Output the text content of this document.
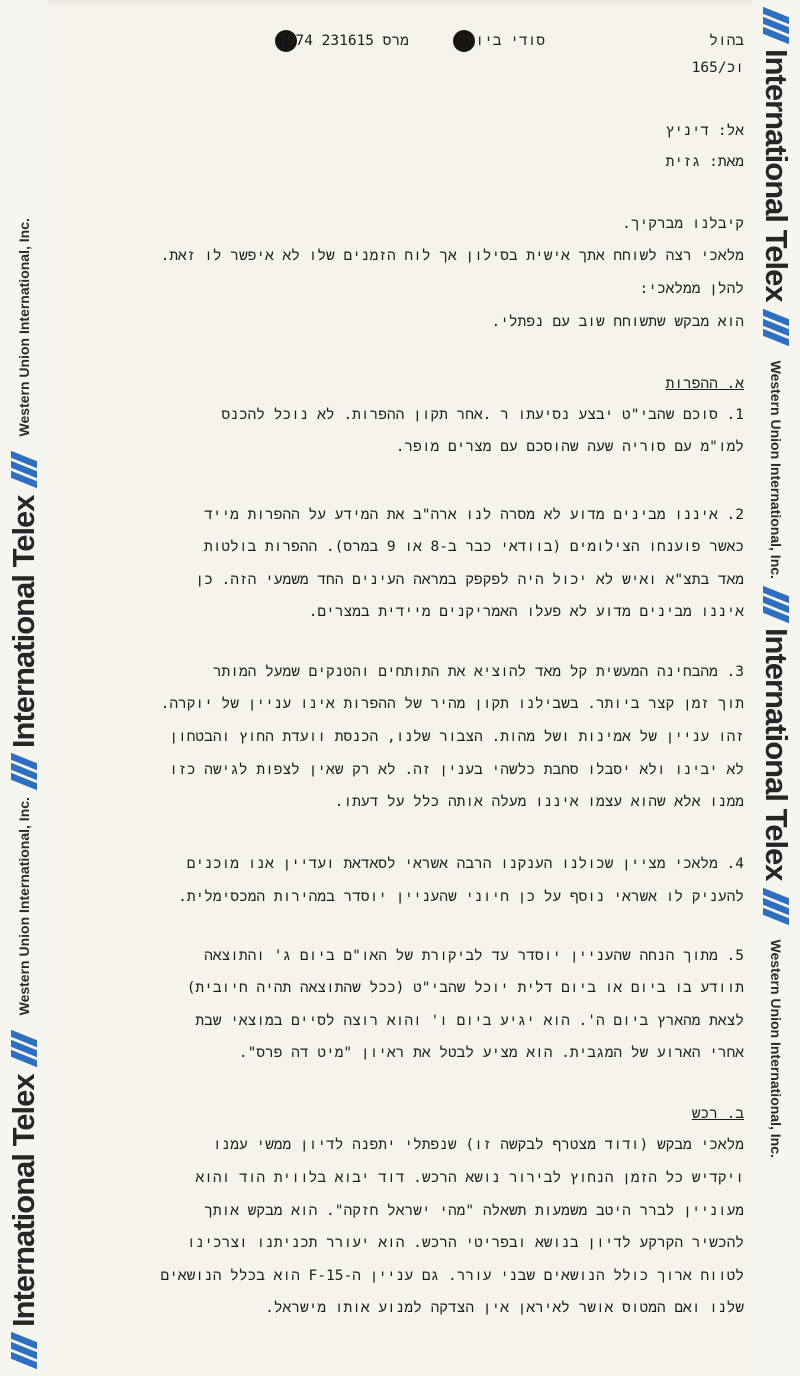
International Telex
Western Union International, Inc.
International Telex
Western Union International, Inc.
International Telex
Western Union International, Inc.
International Telex
Western Union International, Inc.
1974 מרס 231615	סודי ביותר	בהול
וכ/165
אל: דיניץ
מאת: גזית
קיבלנו מברקיך.
מלאכי רצה לשוחח אתך אישית בסילון אך לוח הזמנים שלו לא איפשר לו זאת.
להלן ממלאכי:
הוא מבקש שתשוחח שוב עם נפתלי.
א. ההפרות
1. סוכם שהבי"ט יבצע נסיעתו ר .אחר תקון ההפרות. לא נוכל להכנס
למו"מ עם סוריה שעה שהוסכם עם מצרים מופר.
2. איננו מבינים מדוע לא מסרה לנו ארה"ב את המידע על ההפרות מייד
כאשר פוענחו הצילומים (בוודאי כבר ב-8 או 9 במרס). ההפרות בולטות
מאד בתצ"א ואיש לא יכול היה לפקפק במראה העינים החד משמעי הזה. כן
איננו מבינים מדוע לא פעלו האמריקנים מיידית במצרים.
3. מהבחינה המעשית קל מאד להוציא את התותחים והטנקים שמעל המותר
תוך זמן קצר ביותר. בשבילנו תקון מהיר של ההפרות אינו עניין של יוקרה.
זהו עניין של אמינות ושל מהות. הצבור שלנו, הכנסת וועדת החוץ והבטחון
לא יבינו ולא יסבלו סחבת כלשהי בענין זה. לא רק שאין לצפות לגישה כזו
ממנו אלא שהוא עצמו איננו מעלה אותה כלל על דעתו.
4. מלאכי מציין שכולנו הענקנו הרבה אשראי לסאדאת ועדיין אנו מוכנים
להעניק לו אשראי נוסף על כן חיוני שהעניין יוסדר במהירות המכסימלית.
5. מתוך הנחה שהעניין יוסדר עד לביקורת של האו"ם ביום ג' והתוצאה
תוודע בו ביום או ביום דלית יוכל שהבי"ט (ככל שהתוצאה תהיה חיובית)
לצאת מהארץ ביום ה'. הוא יגיע ביום ו' והוא רוצה לסיים במוצאי שבת
אחרי הארוע של המגבית. הוא מציע לבטל את ראיון "מיט דה פרס".
ב. רכש
מלאכי מבקש (ודוד מצטרף לבקשה זו) שנפתלי יתפנה לדיון ממשי עמנו
ויקדיש כל הזמן הנחוץ לבירור נושא הרכש. דוד יבוא בלווית הוד והוא
מעוניין לברר היטב משמעות תשאלה "מהי ישראל חזקה". הוא מבקש אותך
להכשיר הקרקע לדיון בנושא ובפריטי הרכש. הוא יעורר תכניתנו וצרכינו
לטווח ארוך כולל הנושאים שבני עורר. גם עניין ה-F-15 הוא בכלל הנושאים
שלנו ואם המטוס אושר לאיראן אין הצדקה למנוע אותו מישראל.
